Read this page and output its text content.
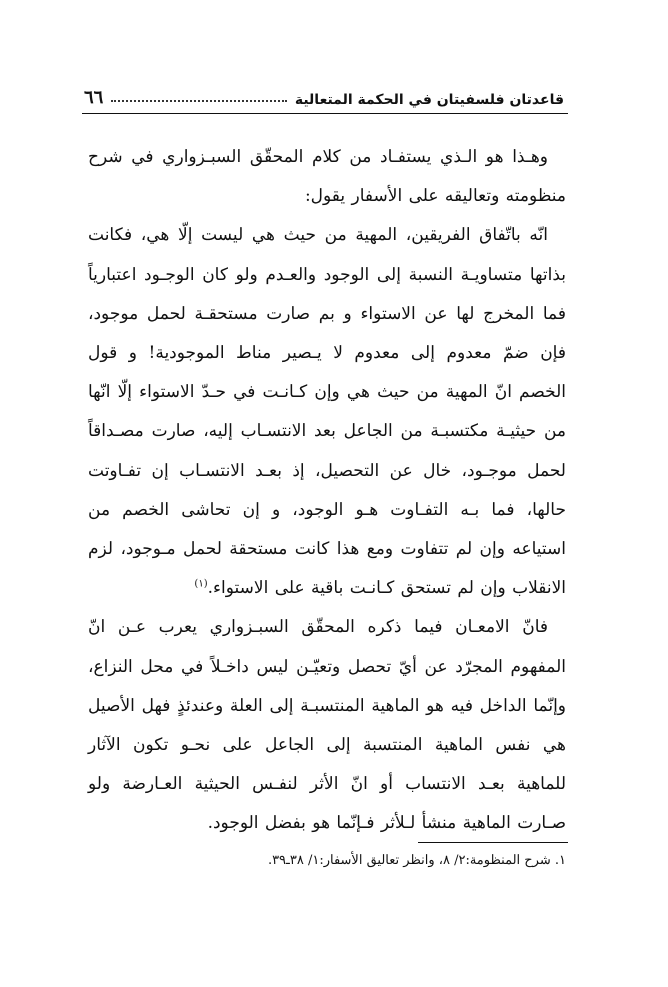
قاعدتان فلسفيتان في الحكمة المتعالية
٦٦

وهـذا هو الـذي يستفـاد من كلام المحقّق السبـزواري في شرح منظومته وتعاليقه على الأسفار يقول:

انّه باتّفاق الفريقين، المهية من حيث هي ليست إلّا هي، فكانت بذاتها متساويـة النسبة إلى الوجود والعـدم ولو كان الوجـود اعتبارياً فما المخرج لها عن الاستواء و بم صارت مستحقـة لحمل موجود، فإن ضمّ معدوم إلى معدوم لا يـصير مناط الموجودية! و قول الخصم انّ المهية من حيث هي وإن كـانـت في حـدّ الاستواء إلّا انّها من حيثيـة مكتسبـة من الجاعل بعد الانتسـاب إليه، صارت مصـداقاً لحمل موجـود، خال عن التحصيل، إذ بعـد الانتسـاب إن تفـاوتت حالها، فما بـه التفـاوت هـو الوجود، و إن تحاشى الخصم من استياعه وإن لم تتفاوت ومع هذا كانت مستحقة لحمل مـوجود، لزم الانقلاب وإن لم تستحق كـانـت باقية على الاستواء.$^{(١)}$

فانّ الامعـان فيما ذكره المحقّق السبـزواري يعرب عـن انّ المفهوم المجرّد عن أيّ تحصل وتعيّـن ليس داخـلاً في محل النزاع، وإنّما الداخل فيه هو الماهية المنتسبـة إلى العلة وعندئذٍ فهل الأصيل هي نفس الماهية المنتسبة إلى الجاعل على نحـو تكون الآثار للماهية بعـد الانتساب أو انّ الأثر لنفـس الحيثية العـارضة ولو صـارت الماهية منشأ لـلأثر فـإنّما هو بفضل الوجود.

١. شرح المنظومة:٢/ ٨، وانظر تعاليق الأسفار:١/ ٣٨ـ٣٩.
